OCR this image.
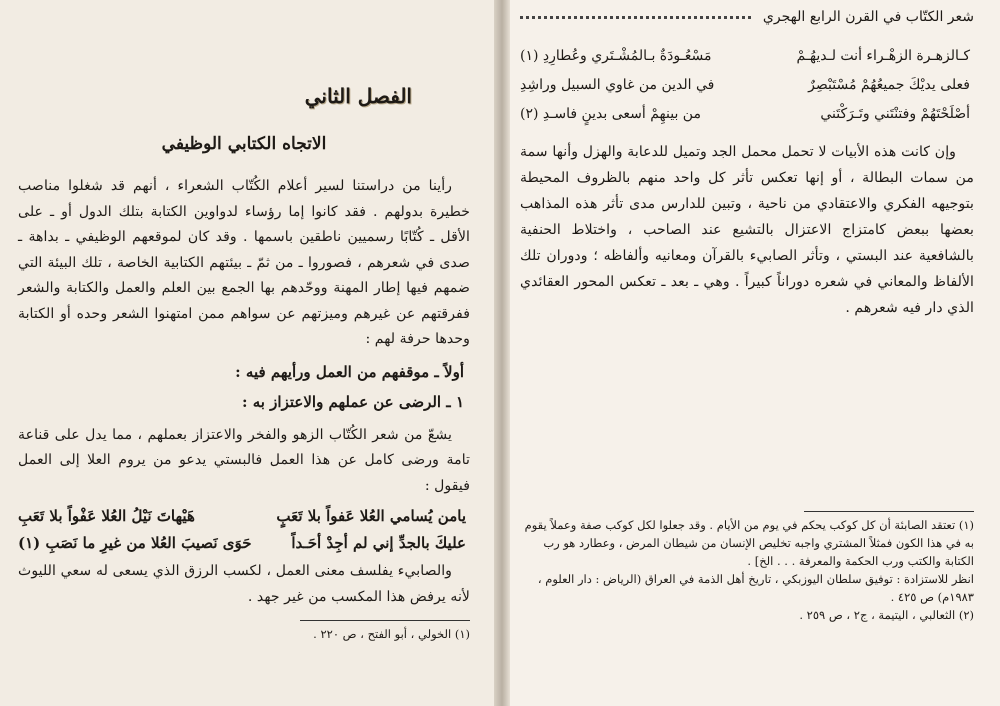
الفصل الثاني
الاتجاه الكتابي الوظيفي

رأينا من دراستنا لسير أعلام الكُتّاب الشعراء ، أنهم قد شغلوا مناصب خطيرة بدولهم . فقد كانوا إما رؤساء لدواوين الكتابة بتلك الدول أو ـ على الأقل ـ كُتّابًا رسميين ناطقين باسمها . وقد كان لموقعهم الوظيفي ـ بداهة ـ صدى في شعرهم ، فصوروا ـ من ثمّ ـ بيئتهم الكتابية الخاصة ، تلك البيئة التي ضمهم فيها إطار المهنة ووحّدهم بها الجمع بين العلم والعمل والكتابة والشعر ففرقتهم عن غيرهم وميزتهم عن سواهم ممن امتهنوا الشعر وحده أو الكتابة وحدها حرفة لهم :

أولاً ـ موقفهم من العمل ورأيهم فيه :
١ ـ الرضى عن عملهم والاعتزاز به :

يشعّ من شعر الكُتّاب الزهو والفخر والاعتزاز بعملهم ، مما يدل على قناعة تامة ورضى كامل عن هذا العمل فالبستي يدعو من يروم العلا إلى العمل فيقول :

يامن يُسامي العُلا عَفواً بلا تَعَبٍ
هَيْهاتَ نَيْلُ العُلا عَفْواً بلا تَعَبِ
عليكَ بالجدِّ إني لم أجِدْ أحَـداً
حَوَى نَصيبَ العُلا من غيرِ ما نَصَبِ (١)

والصابيء يفلسف معنى العمل ، لكسب الرزق الذي يسعى له سعي الليوث لأنه يرفض هذا المكسب من غير جهد .

(١) الخولي ، أبو الفتح ، ص ٢٢٠ .

شعر الكتّاب في القرن الرابع الهجري
كـالزهـرة الزهْـراء أنت لـديهُـمْ
مَسْعُـودَةٌ بـالمُشْـتَري وعُطارِدِ (١)
فعلى يديْكَ جميعُهُمْ مُسْتَبْصِرٌ
في الدين من غاوي السبيل وراشِدِ
أصْلَحْتَهُمْ وفتنْتَني وتَـرَكْتَني
من بينهِمْ أسعى بدينٍ فاسـدِ (٢)

وإن كانت هذه الأبيات لا تحمل محمل الجد وتميل للدعابة والهزل وأنها سمة من سمات البطالة ، أو إنها تعكس تأثر كل واحد منهم بالظروف المحيطة بتوجيهه الفكري والاعتقادي من ناحية ، وتبين للدارس مدى تأثر هذه المذاهب بعضها ببعض كامتزاج الاعتزال بالتشيع عند الصاحب ، واختلاط الحنفية بالشافعية عند البستي ، وتأثر الصابيء بالقرآن ومعانيه وألفاظه ؛ ودوران تلك الألفاظ والمعاني في شعره دوراناً كبيراً . وهي ـ بعد ـ تعكس المحور العقائدي الذي دار فيه شعرهم .

(١) تعتقد الصابئة أن كل كوكب يحكم في يوم من الأيام . وقد جعلوا لكل كوكب صفة وعملاً يقوم به في هذا الكون فمثلاً المشتري واجبه تخليص الإنسان من شيطان المرض ، وعطارد هو رب الكتابة والكتب ورب الحكمة والمعرفة . . . الخ] .

انظر للاستزادة : توفيق سلطان اليوزبكي ، تاريخ أهل الذمة في العراق (الرياض : دار العلوم ، ١٩٨٣م) ص ٤٢٥ .

(٢) الثعالبي ، اليتيمة ، ج٢ ، ص ٢٥٩ .
